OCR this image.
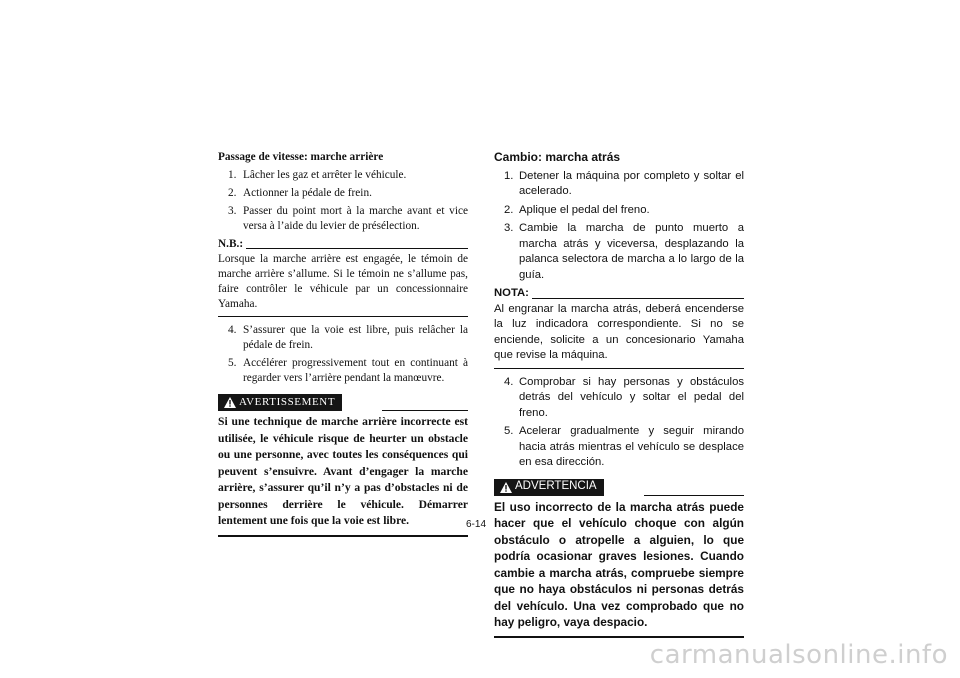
Passage de vitesse: marche arrière
1. Lâcher les gaz et arrêter le véhicule.
2. Actionner la pédale de frein.
3. Passer du point mort à la marche avant et vice versa à l’aide du levier de présélection.
N.B.:
Lorsque la marche arrière est engagée, le témoin de marche arrière s’allume. Si le témoin ne s’allume pas, faire contrôler le véhicule par un concessionnaire Yamaha.
4. S’assurer que la voie est libre, puis relâcher la pédale de frein.
5. Accélérer progressivement tout en continuant à regarder vers l’arrière pendant la manœuvre.
AVERTISSEMENT
Si une technique de marche arrière incorrecte est utilisée, le véhicule risque de heurter un obstacle ou une personne, avec toutes les conséquences qui peuvent s’ensuivre. Avant d’engager la marche arrière, s’assurer qu’il n’y a pas d’obstacles ni de personnes derrière le véhicule. Démarrer lentement une fois que la voie est libre.
Cambio: marcha atrás
1. Detener la máquina por completo y soltar el acelerado.
2. Aplique el pedal del freno.
3. Cambie la marcha de punto muerto a marcha atrás y viceversa, desplazando la palanca selectora de marcha a lo largo de la guía.
NOTA:
Al engranar la marcha atrás, deberá encenderse la luz indicadora correspondiente. Si no se enciende, solicite a un concesionario Yamaha que revise la máquina.
4. Comprobar si hay personas y obstáculos detrás del vehículo y soltar el pedal del freno.
5. Acelerar gradualmente y seguir mirando hacia atrás mientras el vehículo se desplace en esa dirección.
ADVERTENCIA
El uso incorrecto de la marcha atrás puede hacer que el vehículo choque con algún obstáculo o atropelle a alguien, lo que podría ocasionar graves lesiones. Cuando cambie a marcha atrás, compruebe siempre que no haya obstáculos ni personas detrás del vehículo. Una vez comprobado que no hay peligro, vaya despacio.
6-14
carmanualsonline.info
